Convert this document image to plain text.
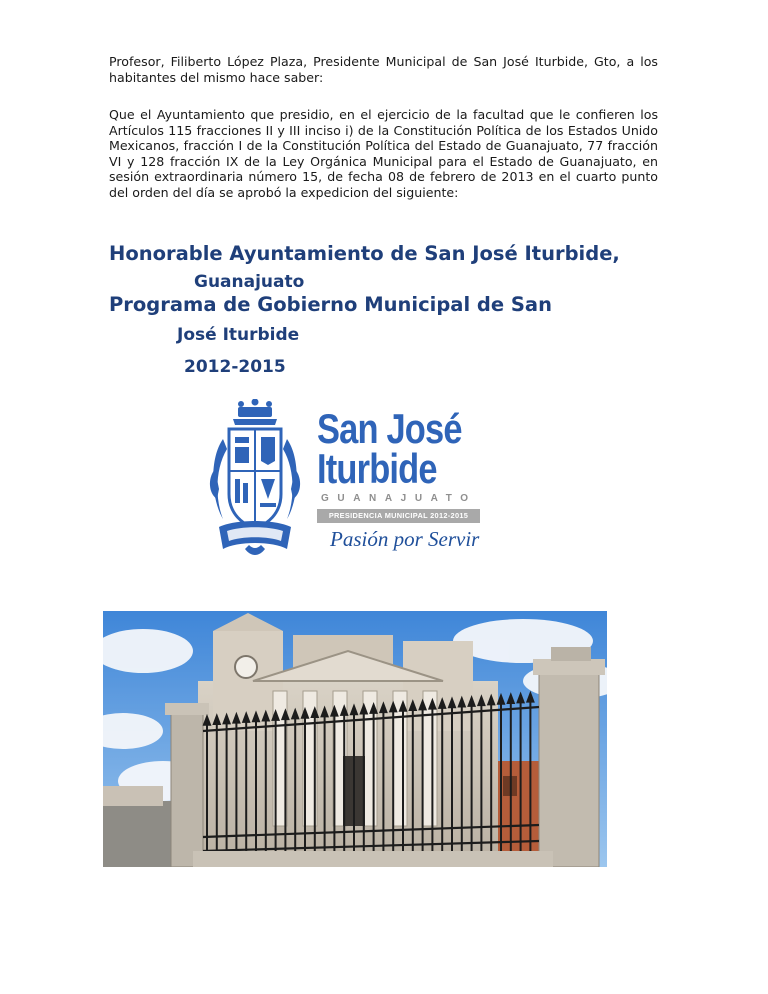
Profesor, Filiberto López Plaza, Presidente Municipal de San José Iturbide, Gto, a los habitantes del mismo hace saber:
Que el Ayuntamiento que presidio, en el ejercicio de la facultad que le confieren los Artículos 115 fracciones II y III inciso i) de la Constitución Política de los Estados Unido Mexicanos, fracción I de la Constitución Política del Estado de Guanajuato, 77 fracción VI y 128 fracción IX de la Ley Orgánica Municipal para el Estado de Guanajuato, en sesión extraordinaria número 15, de fecha 08 de febrero de 2013 en el cuarto punto del orden del día se aprobó la expedicion del siguiente:
Honorable Ayuntamiento de San José Iturbide,
Guanajuato
Programa de Gobierno Municipal de San
José Iturbide
2012-2015
San José
Iturbide
GUANAJUATO
PRESIDENCIA MUNICIPAL 2012-2015
Pasión por Servir
